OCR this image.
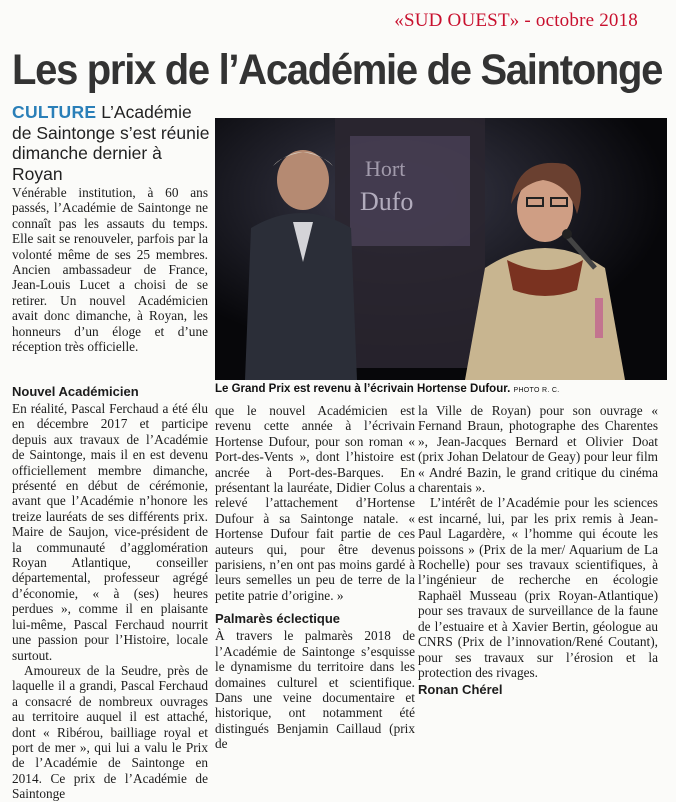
«SUD OUEST» - octobre 2018
Les prix de l’Académie de Saintonge
CULTURE L’Académie de Saintonge s’est réunie dimanche dernier à Royan

Vénérable institution, à 60 ans passés, l’Académie de Saintonge ne connaît pas les assauts du temps. Elle sait se renouveler, parfois par la volonté même de ses 25 membres. Ancien ambassadeur de France, Jean-Louis Lucet a choisi de se retirer. Un nouvel Académicien avait donc dimanche, à Royan, les honneurs d’un éloge et d’une réception très officielle.

Hort
Dufo
Le Grand Prix est revenu à l’écrivain Hortense Dufour. PHOTO R. C.
Nouvel Académicien

En réalité, Pascal Ferchaud a été élu en décembre 2017 et participe depuis aux travaux de l’Académie de Saintonge, mais il en est devenu officiellement membre dimanche, présenté en début de cérémonie, avant que l’Académie n’honore les treize lauréats de ses différents prix. Maire de Saujon, vice-président de la communauté d’agglomération Royan Atlantique, conseiller départemental, professeur agrégé d’économie, « à (ses) heures perdues », comme il en plaisante lui-même, Pascal Ferchaud nourrit une passion pour l’Histoire, locale surtout.

Amoureux de la Seudre, près de laquelle il a grandi, Pascal Ferchaud a consacré de nombreux ouvrages au territoire auquel il est attaché, dont « Ribérou, bailliage royal et port de mer », qui lui a valu le Prix de l’Académie de Saintonge en 2014. Ce prix de l’Académie de Saintonge

que le nouvel Académicien est revenu cette année à l’écrivain Hortense Dufour, pour son roman « Port-des-Vents », dont l’histoire est ancrée à Port-des-Barques. En présentant la lauréate, Didier Colus a relevé l’attachement d’Hortense Dufour à sa Saintonge natale. « Hortense Dufour fait partie de ces auteurs qui, pour être devenus parisiens, n’en ont pas moins gardé à leurs semelles un peu de terre de la petite patrie d’origine. »

Palmarès éclectique

À travers le palmarès 2018 de l’Académie de Saintonge s’esquisse le dynamisme du territoire dans les domaines culturel et scientifique. Dans une veine documentaire et historique, ont notamment été distingués Benjamin Caillaud (prix de

la Ville de Royan) pour son ouvrage « Fernand Braun, photographe des Charentes », Jean-Jacques Bernard et Olivier Doat (prix Johan Delatour de Geay) pour leur film « André Bazin, le grand critique du cinéma charentais ».

L’intérêt de l’Académie pour les sciences est incarné, lui, par les prix remis à Jean-Paul Lagardère, « l’homme qui écoute les poissons » (Prix de la mer/ Aquarium de La Rochelle) pour ses travaux scientifiques, à l’ingénieur de recherche en écologie Raphaël Musseau (prix Royan-Atlantique) pour ses travaux de surveillance de la faune de l’estuaire et à Xavier Bertin, géologue au CNRS (Prix de l’innovation/René Coutant), pour ses travaux sur l’érosion et la protection des rivages.

Ronan Chérel
